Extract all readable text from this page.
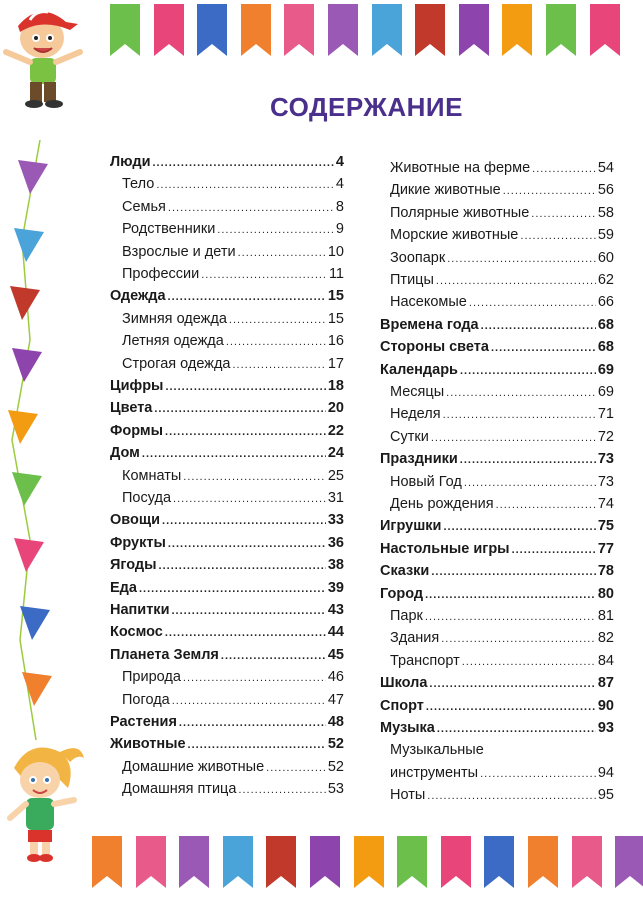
СОДЕРЖАНИЕ
Люди .....	4
Тело .....	4
Семья .....	8
Родственники .....	9
Взрослые и дети .....	10
Профессии .....	11
Одежда .....	15
Зимняя одежда .....	15
Летняя одежда .....	16
Строгая одежда .....	17
Цифры .....	18
Цвета .....	20
Формы .....	22
Дом .....	24
Комнаты .....	25
Посуда .....	31
Овощи .....	33
Фрукты .....	36
Ягоды .....	38
Еда .....	39
Напитки .....	43
Космос .....	44
Планета Земля .....	45
Природа .....	46
Погода .....	47
Растения .....	48
Животные .....	52
Домашние животные .....	52
Домашняя птица .....	53
Животные на ферме .....	54
Дикие животные .....	56
Полярные животные .....	58
Морские животные .....	59
Зоопарк .....	60
Птицы .....	62
Насекомые .....	66
Времена года .....	68
Стороны света .....	68
Календарь .....	69
Месяцы .....	69
Неделя .....	71
Сутки .....	72
Праздники .....	73
Новый Год .....	73
День рождения .....	74
Игрушки .....	75
Настольные игры .....	77
Сказки .....	78
Город .....	80
Парк .....	81
Здания .....	82
Транспорт .....	84
Школа .....	87
Спорт .....	90
Музыка .....	93
Музыкальные
инструменты .....	94
Ноты .....	95
